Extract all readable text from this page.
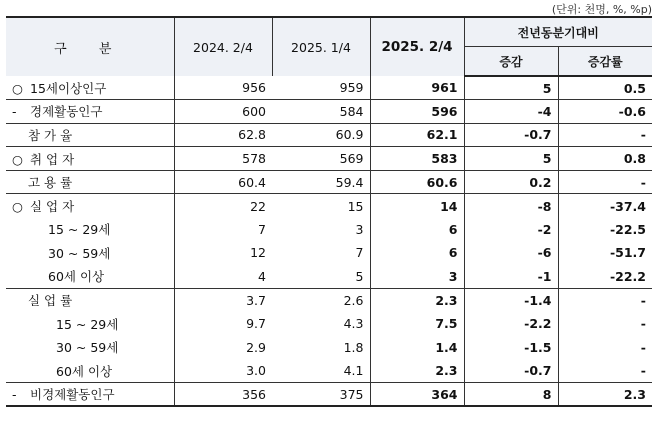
(단위: 천명, %, %p)
구 분	2024. 2/4	2025. 1/4	2025. 2/4	전년동분기대비	
				증감	증감률
○ 15세이상인구	956	959	961	5	0.5
- 경제활동인구	600	584	596	-4	-0.6
참 가 율	62.8	60.9	62.1	-0.7	-
○ 취 업 자	578	569	583	5	0.8
고 용 률	60.4	59.4	60.6	0.2	-
○ 실 업 자	22	15	14	-8	-37.4
15 ~ 29세	7	3	6	-2	-22.5
30 ~ 59세	12	7	6	-6	-51.7
60세 이상	4	5	3	-1	-22.2
실 업 률	3.7	2.6	2.3	-1.4	-
15 ~ 29세	9.7	4.3	7.5	-2.2	-
30 ~ 59세	2.9	1.8	1.4	-1.5	-
60세 이상	3.0	4.1	2.3	-0.7	-
- 비경제활동인구	356	375	364	8	2.3
